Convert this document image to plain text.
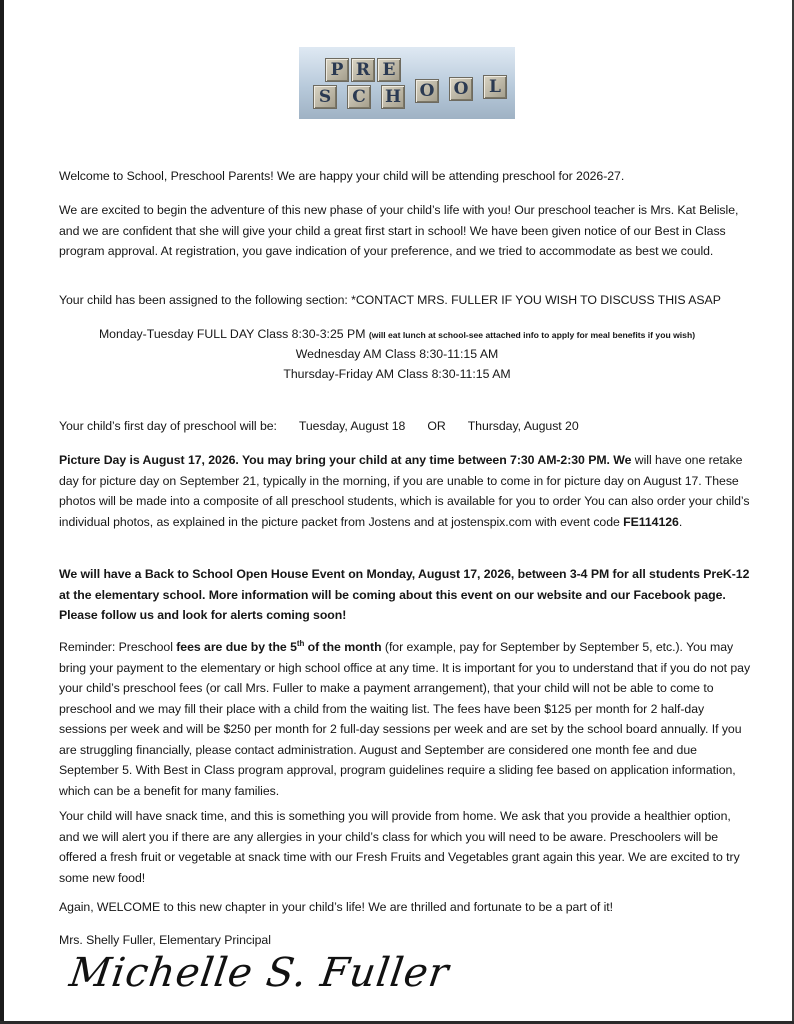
P R E
S	C	H O O	L

Welcome to School, Preschool Parents! We are happy your child will be attending preschool for 2026-27.

We are excited to begin the adventure of this new phase of your child’s life with you! Our preschool teacher is Mrs. Kat Belisle, and we are confident that she will give your child a great first start in school! We have been given notice of our Best in Class program approval. At registration, you gave indication of your preference, and we tried to accommodate as best we could.

Your child has been assigned to the following section: *CONTACT MRS. FULLER IF YOU WISH TO DISCUSS THIS ASAP

Monday-Tuesday FULL DAY Class 8:30-3:25 PM (will eat lunch at school-see attached info to apply for meal benefits if you wish)

Wednesday AM Class 8:30-11:15 AM

Thursday-Friday AM Class 8:30-11:15 AM

Your child’s first day of preschool will be: Tuesday, August 18 OR Thursday, August 20

Picture Day is August 17, 2026. You may bring your child at any time between 7:30 AM-2:30 PM. We will have one retake day for picture day on September 21, typically in the morning, if you are unable to come in for picture day on August 17. These photos will be made into a composite of all preschool students, which is available for you to order You can also order your child’s individual photos, as explained in the picture packet from Jostens and at jostenspix.com with event code FE114126.

We will have a Back to School Open House Event on Monday, August 17, 2026, between 3-4 PM for all students PreK-12 at the elementary school. More information will be coming about this event on our website and our Facebook page. Please follow us and look for alerts coming soon!

Reminder: Preschool fees are due by the 5th of the month (for example, pay for September by September 5, etc.). You may bring your payment to the elementary or high school office at any time. It is important for you to understand that if you do not pay your child’s preschool fees (or call Mrs. Fuller to make a payment arrangement), that your child will not be able to come to preschool and we may fill their place with a child from the waiting list. The fees have been $125 per month for 2 half-day sessions per week and will be $250 per month for 2 full-day sessions per week and are set by the school board annually. If you are struggling financially, please contact administration. August and September are considered one month fee and due September 5. With Best in Class program approval, program guidelines require a sliding fee based on application information, which can be a benefit for many families.

Your child will have snack time, and this is something you will provide from home. We ask that you provide a healthier option, and we will alert you if there are any allergies in your child’s class for which you will need to be aware. Preschoolers will be offered a fresh fruit or vegetable at snack time with our Fresh Fruits and Vegetables grant again this year. We are excited to try some new food!

Again, WELCOME to this new chapter in your child’s life! We are thrilled and fortunate to be a part of it!

Mrs. Shelly Fuller, Elementary Principal

Michelle S. Fuller
